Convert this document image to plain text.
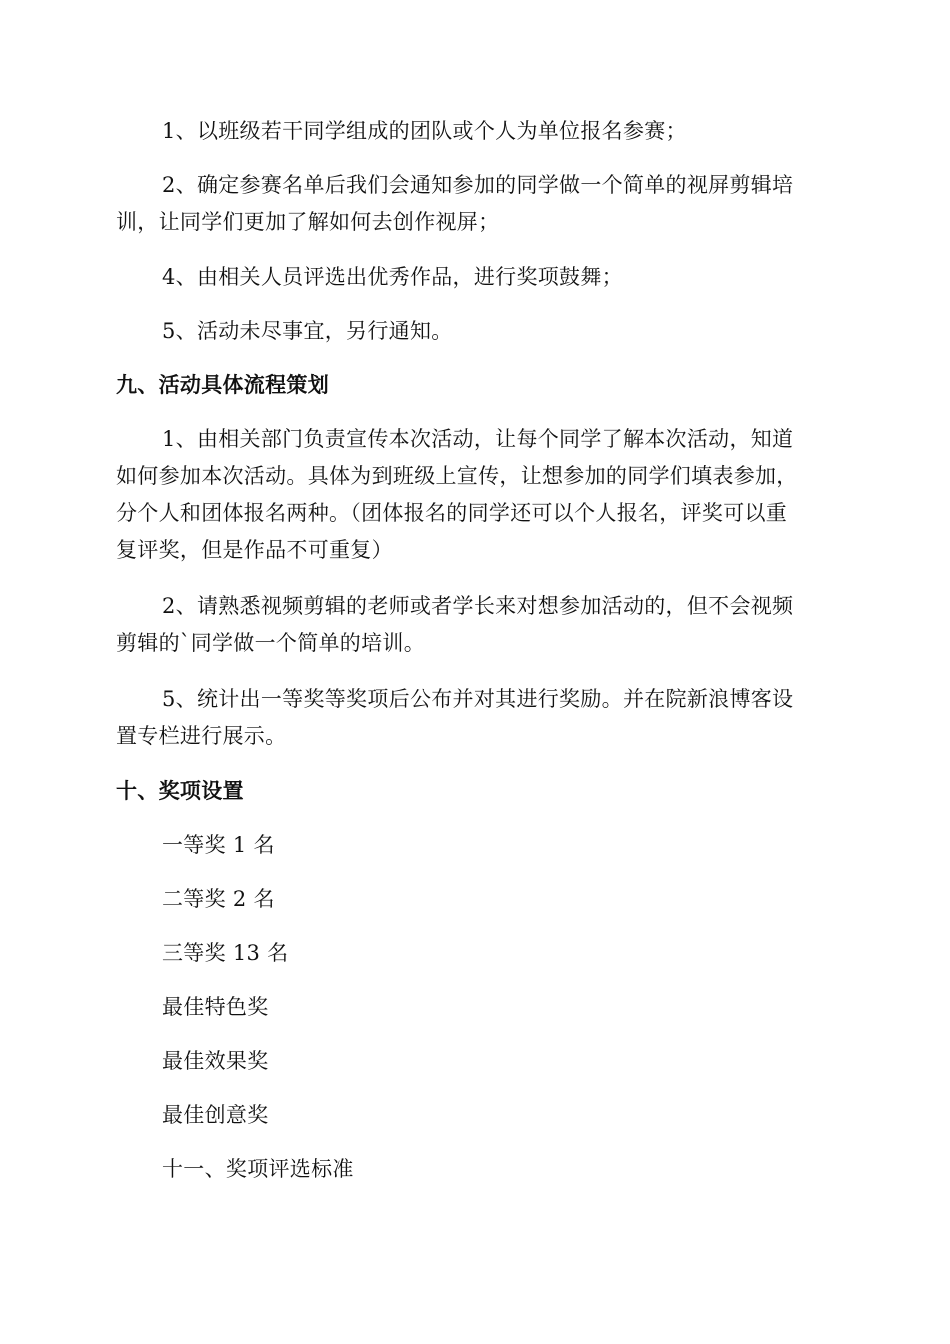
1、以班级若干同学组成的团队或个人为单位报名参赛；
2、确定参赛名单后我们会通知参加的同学做一个简单的视屏剪辑培
训，让同学们更加了解如何去创作视屏；
4、由相关人员评选出优秀作品，进行奖项鼓舞；
5、活动未尽事宜，另行通知。
九、活动具体流程策划
1、由相关部门负责宣传本次活动，让每个同学了解本次活动，知道
如何参加本次活动。具体为到班级上宣传，让想参加的同学们填表参加，
分个人和团体报名两种。（团体报名的同学还可以个人报名，评奖可以重
复评奖，但是作品不可重复）
2、请熟悉视频剪辑的老师或者学长来对想参加活动的，但不会视频
剪辑的`同学做一个简单的培训。
5、统计出一等奖等奖项后公布并对其进行奖励。并在院新浪博客设
置专栏进行展示。
十、奖项设置
一等奖 1 名
二等奖 2 名
三等奖 13 名
最佳特色奖
最佳效果奖
最佳创意奖
十一、奖项评选标准
